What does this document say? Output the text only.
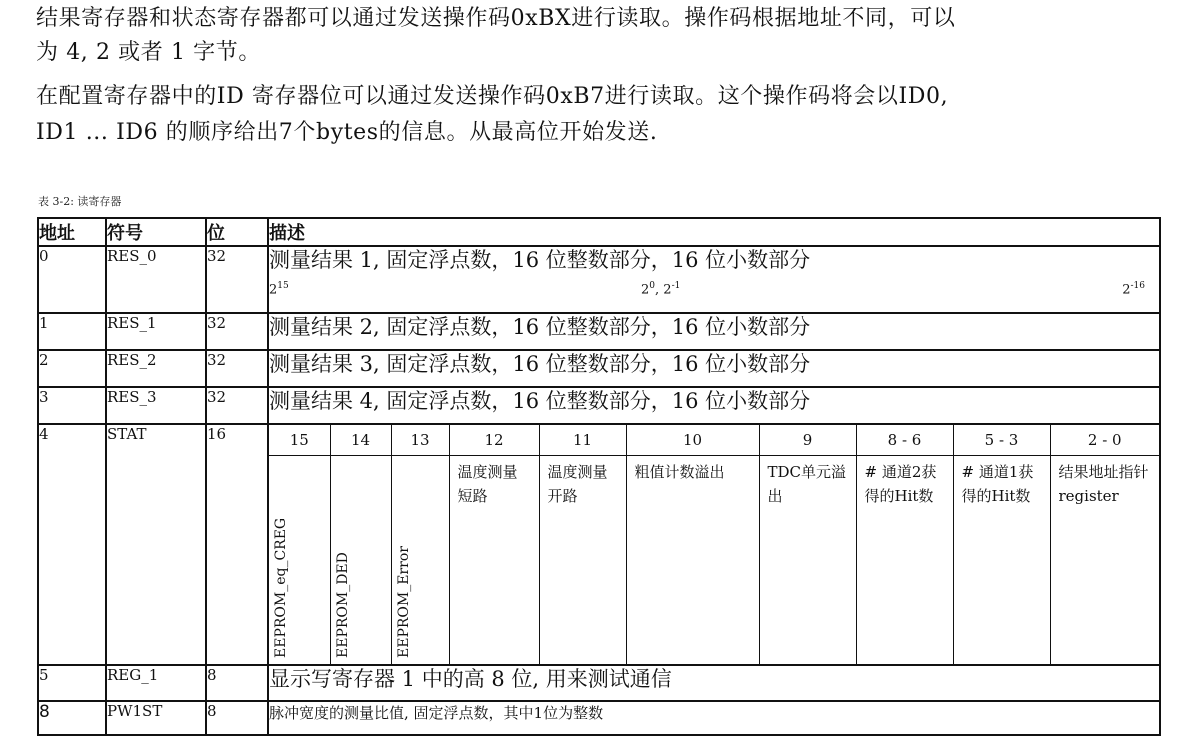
结果寄存器和状态寄存器都可以通过发送操作码0xBX进行读取。操作码根据地址不同，可以
为 4, 2 或者 1 字节。
在配置寄存器中的ID 寄存器位可以通过发送操作码0xB7进行读取。这个操作码将会以ID0,
ID1 ... ID6 的顺序给出7个bytes的信息。从最高位开始发送.
表 3-2: 读寄存器
地址	符号	位	描述
0	RES_0	32	测量结果 1, 固定浮点数，16 位整数部分，16 位小数部分
$2^{15}$	$2^0$, $2^{-1}$	$2^{-16}$

1	RES_1	32	测量结果 2, 固定浮点数，16 位整数部分，16 位小数部分
2	RES_2	32	测量结果 3, 固定浮点数，16 位整数部分，16 位小数部分
3	RES_3	32	测量结果 4, 固定浮点数，16 位整数部分，16 位小数部分
4	STAT	16		15	14	13	12	11	10	9	8 - 6	5 - 3	2 - 0

EEPROM_eq_CREG	EEPROM_DED	EEPROM_Error
	温度测量短路	温度测量开路	粗值计数溢出	TDC单元溢出	# 通道2获得的Hit数	# 通道1获得的Hit数	结果地址指针register

5	REG_1	8	显示写寄存器 1 中的高 8 位, 用来测试通信
8	PW1ST	8	脉冲宽度的测量比值, 固定浮点数，其中1位为整数
